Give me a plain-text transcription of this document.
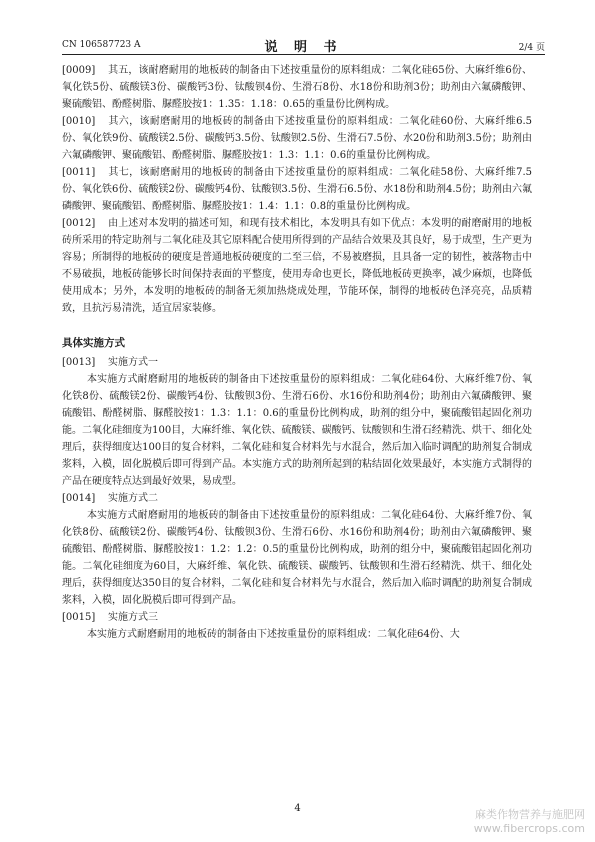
CN 106587723 A	说 明 书	2/4 页

[0009] 其五，该耐磨耐用的地板砖的制备由下述按重量份的原料组成：二氧化硅65份、大麻纤维6份、氧化铁5份、硫酸镁3份、碳酸钙3份、钛酸钡4份、生滑石8份、水18份和助剂3份；助剂由六氟磷酸钾、聚硫酸铝、酚醛树脂、脲醛胶按1：1.35：1.18：0.65的重量份比例构成。

[0010] 其六，该耐磨耐用的地板砖的制备由下述按重量份的原料组成：二氧化硅60份、大麻纤维6.5份、氧化铁9份、硫酸镁2.5份、碳酸钙3.5份、钛酸钡2.5份、生滑石7.5份、水20份和助剂3.5份；助剂由六氟磷酸钾、聚硫酸铝、酚醛树脂、脲醛胶按1：1.3：1.1：0.6的重量份比例构成。

[0011] 其七，该耐磨耐用的地板砖的制备由下述按重量份的原料组成：二氧化硅58份、大麻纤维7.5份、氧化铁6份、硫酸镁2份、碳酸钙4份、钛酸钡3.5份、生滑石6.5份、水18份和助剂4.5份；助剂由六氟磷酸钾、聚硫酸铝、酚醛树脂、脲醛胶按1：1.4：1.1：0.8的重量份比例构成。

[0012] 由上述对本发明的描述可知，和现有技术相比，本发明具有如下优点：本发明的耐磨耐用的地板砖所采用的特定助剂与二氧化硅及其它原料配合使用所得到的产品结合效果及其良好，易于成型，生产更为容易；所制得的地板砖的硬度是普通地板砖硬度的二至三倍，不易被磨损，且具备一定的韧性，被落物击中不易破损，地板砖能够长时间保持表面的平整度，使用寿命也更长，降低地板砖更换率，减少麻烦，也降低使用成本；另外，本发明的地板砖的制备无须加热烧成处理，节能环保，制得的地板砖色泽亮亮，品质精致，且抗污易清洗，适宜居家装修。

具体实施方式

[0013] 实施方式一

本实施方式耐磨耐用的地板砖的制备由下述按重量份的原料组成：二氧化硅64份、大麻纤维7份、氧化铁8份、硫酸镁2份、碳酸钙4份、钛酸钡3份、生滑石6份、水16份和助剂4份；助剂由六氟磷酸钾、聚硫酸铝、酚醛树脂、脲醛胶按1：1.3：1.1：0.6的重量份比例构成，助剂的组分中，聚硫酸铝起固化剂功能。二氧化硅细度为100目，大麻纤维、氧化铁、硫酸镁、碳酸钙、钛酸钡和生滑石经精洗、烘干、细化处理后，获得细度达100目的复合材料，二氧化硅和复合材料先与水混合，然后加入临时调配的助剂复合制成浆料，入模，固化脱模后即可得到产品。本实施方式的助剂所起到的粘结固化效果最好，本实施方式制得的产品在硬度特点达到最好效果，易成型。

[0014] 实施方式二

本实施方式耐磨耐用的地板砖的制备由下述按重量份的原料组成：二氧化硅64份、大麻纤维7份、氧化铁8份、硫酸镁2份、碳酸钙4份、钛酸钡3份、生滑石6份、水16份和助剂4份；助剂由六氟磷酸钾、聚硫酸铝、酚醛树脂、脲醛胶按1：1.2：1.2：0.5的重量份比例构成，助剂的组分中，聚硫酸铝起固化剂功能。二氧化硅细度为60目，大麻纤维、氧化铁、硫酸镁、碳酸钙、钛酸钡和生滑石经精洗、烘干、细化处理后，获得细度达350目的复合材料，二氧化硅和复合材料先与水混合，然后加入临时调配的助剂复合制成浆料，入模，固化脱模后即可得到产品。

[0015] 实施方式三

本实施方式耐磨耐用的地板砖的制备由下述按重量份的原料组成：二氧化硅64份、大

4	麻类作物营养与施肥网
www.fibercrops.com
